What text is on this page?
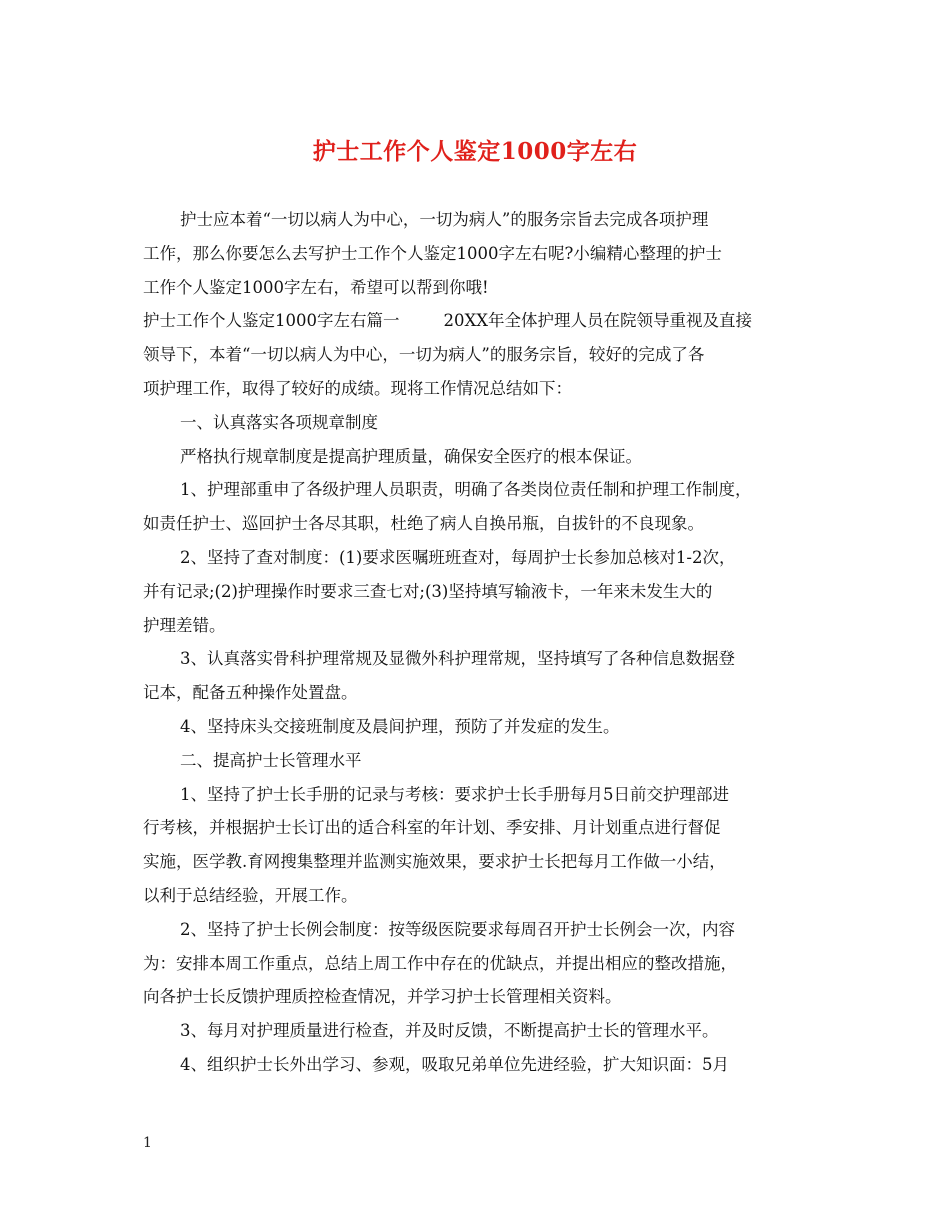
护士工作个人鉴定1000字左右

护士应本着“一切以病人为中心，一切为病人”的服务宗旨去完成各项护理

工作，那么你要怎么去写护士工作个人鉴定1000字左右呢?小编精心整理的护士

工作个人鉴定1000字左右，希望可以帮到你哦!

护士工作个人鉴定1000字左右篇一	20XX年全体护理人员在院领导重视及直接

领导下，本着“一切以病人为中心，一切为病人”的服务宗旨，较好的完成了各

项护理工作，取得了较好的成绩。现将工作情况总结如下：

一、认真落实各项规章制度

严格执行规章制度是提高护理质量，确保安全医疗的根本保证。

1、护理部重申了各级护理人员职责，明确了各类岗位责任制和护理工作制度，

如责任护士、巡回护士各尽其职，杜绝了病人自换吊瓶，自拔针的不良现象。

2、坚持了查对制度：(1)要求医嘱班班查对，每周护士长参加总核对1-2次，

并有记录;(2)护理操作时要求三查七对;(3)坚持填写输液卡，一年来未发生大的

护理差错。

3、认真落实骨科护理常规及显微外科护理常规，坚持填写了各种信息数据登

记本，配备五种操作处置盘。

4、坚持床头交接班制度及晨间护理，预防了并发症的发生。

二、提高护士长管理水平

1、坚持了护士长手册的记录与考核：要求护士长手册每月5日前交护理部进

行考核，并根据护士长订出的适合科室的年计划、季安排、月计划重点进行督促

实施，医学教.育网搜集整理并监测实施效果，要求护士长把每月工作做一小结，

以利于总结经验，开展工作。

2、坚持了护士长例会制度：按等级医院要求每周召开护士长例会一次，内容

为：安排本周工作重点，总结上周工作中存在的优缺点，并提出相应的整改措施，

向各护士长反馈护理质控检查情况，并学习护士长管理相关资料。

3、每月对护理质量进行检查，并及时反馈，不断提高护士长的管理水平。

4、组织护士长外出学习、参观，吸取兄弟单位先进经验，扩大知识面：5月

1
